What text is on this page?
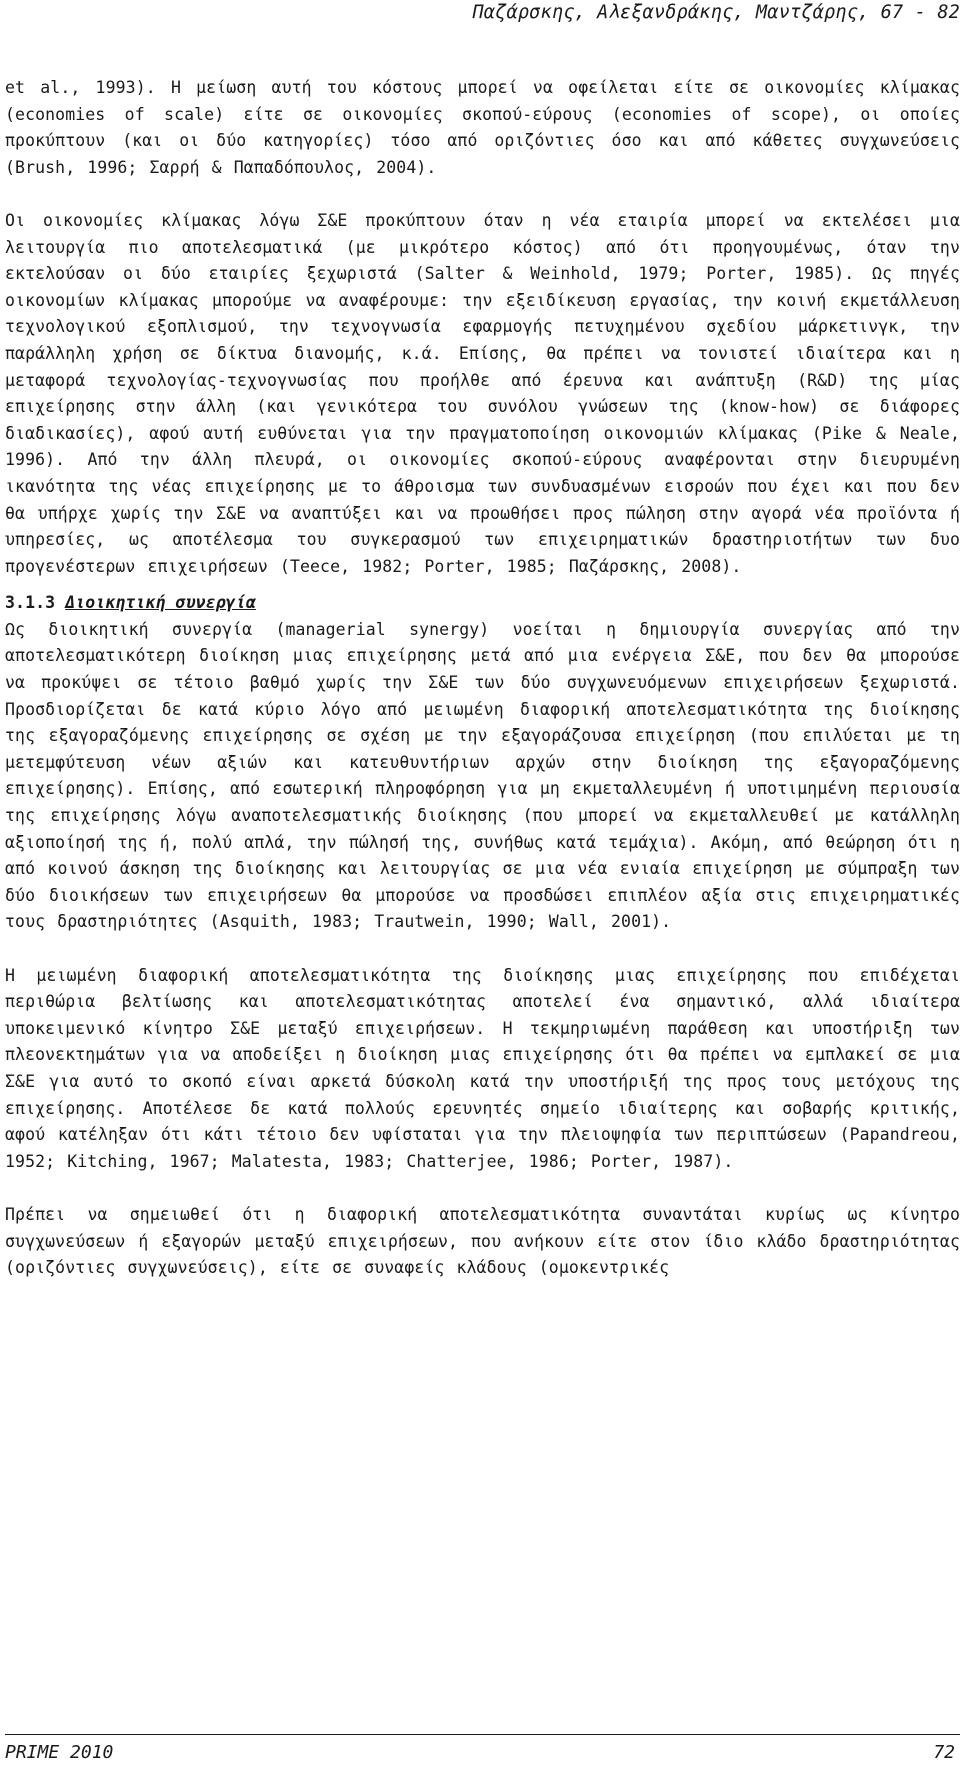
Παζάρσκης, Αλεξανδράκης, Μαντζάρης, 67 - 82

et al., 1993). Η μείωση αυτή του κόστους μπορεί να οφείλεται είτε σε οικονομίες κλίμακας (economies of scale) είτε σε οικονομίες σκοπού-εύρους (economies of scope), οι οποίες προκύπτουν (και οι δύο κατηγορίες) τόσο από οριζόντιες όσο και από κάθετες συγχωνεύσεις (Brush, 1996; Σαρρή & Παπαδόπουλος, 2004).

Οι οικονομίες κλίμακας λόγω Σ&Ε προκύπτουν όταν η νέα εταιρία μπορεί να εκτελέσει μια λειτουργία πιο αποτελεσματικά (με μικρότερο κόστος) από ότι προηγουμένως, όταν την εκτελούσαν οι δύο εταιρίες ξεχωριστά (Salter & Weinhold, 1979; Porter, 1985). Ως πηγές οικονομίων κλίμακας μπορούμε να αναφέρουμε: την εξειδίκευση εργασίας, την κοινή εκμετάλλευση τεχνολογικού εξοπλισμού, την τεχνογνωσία εφαρμογής πετυχημένου σχεδίου μάρκετινγκ, την παράλληλη χρήση σε δίκτυα διανομής, κ.ά. Επίσης, θα πρέπει να τονιστεί ιδιαίτερα και η μεταφορά τεχνολογίας-τεχνογνωσίας που προήλθε από έρευνα και ανάπτυξη (R&D) της μίας επιχείρησης στην άλλη (και γενικότερα του συνόλου γνώσεων της (know-how) σε διάφορες διαδικασίες), αφού αυτή ευθύνεται για την πραγματοποίηση οικονομιών κλίμακας (Pike & Neale, 1996). Από την άλλη πλευρά, οι οικονομίες σκοπού-εύρους αναφέρονται στην διευρυμένη ικανότητα της νέας επιχείρησης με το άθροισμα των συνδυασμένων εισροών που έχει και που δεν θα υπήρχε χωρίς την Σ&Ε να αναπτύξει και να προωθήσει προς πώληση στην αγορά νέα προϊόντα ή υπηρεσίες, ως αποτέλεσμα του συγκερασμού των επιχειρηματικών δραστηριοτήτων των δυο προγενέστερων επιχειρήσεων (Teece, 1982; Porter, 1985; Παζάρσκης, 2008).

3.1.3 Διοικητική συνεργία

Ως διοικητική συνεργία (managerial synergy) νοείται η δημιουργία συνεργίας από την αποτελεσματικότερη διοίκηση μιας επιχείρησης μετά από μια ενέργεια Σ&Ε, που δεν θα μπορούσε να προκύψει σε τέτοιο βαθμό χωρίς την Σ&Ε των δύο συγχωνευόμενων επιχειρήσεων ξεχωριστά. Προσδιορίζεται δε κατά κύριο λόγο από μειωμένη διαφορική αποτελεσματικότητα της διοίκησης της εξαγοραζόμενης επιχείρησης σε σχέση με την εξαγοράζουσα επιχείρηση (που επιλύεται με τη μετεμφύτευση νέων αξιών και κατευθυντήριων αρχών στην διοίκηση της εξαγοραζόμενης επιχείρησης). Επίσης, από εσωτερική πληροφόρηση για μη εκμεταλλευμένη ή υποτιμημένη περιουσία της επιχείρησης λόγω αναποτελεσματικής διοίκησης (που μπορεί να εκμεταλλευθεί με κατάλληλη αξιοποίησή της ή, πολύ απλά, την πώλησή της, συνήθως κατά τεμάχια). Ακόμη, από θεώρηση ότι η από κοινού άσκηση της διοίκησης και λειτουργίας σε μια νέα ενιαία επιχείρηση με σύμπραξη των δύο διοικήσεων των επιχειρήσεων θα μπορούσε να προσδώσει επιπλέον αξία στις επιχειρηματικές τους δραστηριότητες (Asquith, 1983; Trautwein, 1990; Wall, 2001).

Η μειωμένη διαφορική αποτελεσματικότητα της διοίκησης μιας επιχείρησης που επιδέχεται περιθώρια βελτίωσης και αποτελεσματικότητας αποτελεί ένα σημαντικό, αλλά ιδιαίτερα υποκειμενικό κίνητρο Σ&Ε μεταξύ επιχειρήσεων. Η τεκμηριωμένη παράθεση και υποστήριξη των πλεονεκτημάτων για να αποδείξει η διοίκηση μιας επιχείρησης ότι θα πρέπει να εμπλακεί σε μια Σ&Ε για αυτό το σκοπό είναι αρκετά δύσκολη κατά την υποστήριξή της προς τους μετόχους της επιχείρησης. Αποτέλεσε δε κατά πολλούς ερευνητές σημείο ιδιαίτερης και σοβαρής κριτικής, αφού κατέληξαν ότι κάτι τέτοιο δεν υφίσταται για την πλειοψηφία των περιπτώσεων (Papandreou, 1952; Kitching, 1967; Malatesta, 1983; Chatterjee, 1986; Porter, 1987).

Πρέπει να σημειωθεί ότι η διαφορική αποτελεσματικότητα συναντάται κυρίως ως κίνητρο συγχωνεύσεων ή εξαγορών μεταξύ επιχειρήσεων, που ανήκουν είτε στον ίδιο κλάδο δραστηριότητας (οριζόντιες συγχωνεύσεις), είτε σε συναφείς κλάδους (ομοκεντρικές

PRIME 2010	72
